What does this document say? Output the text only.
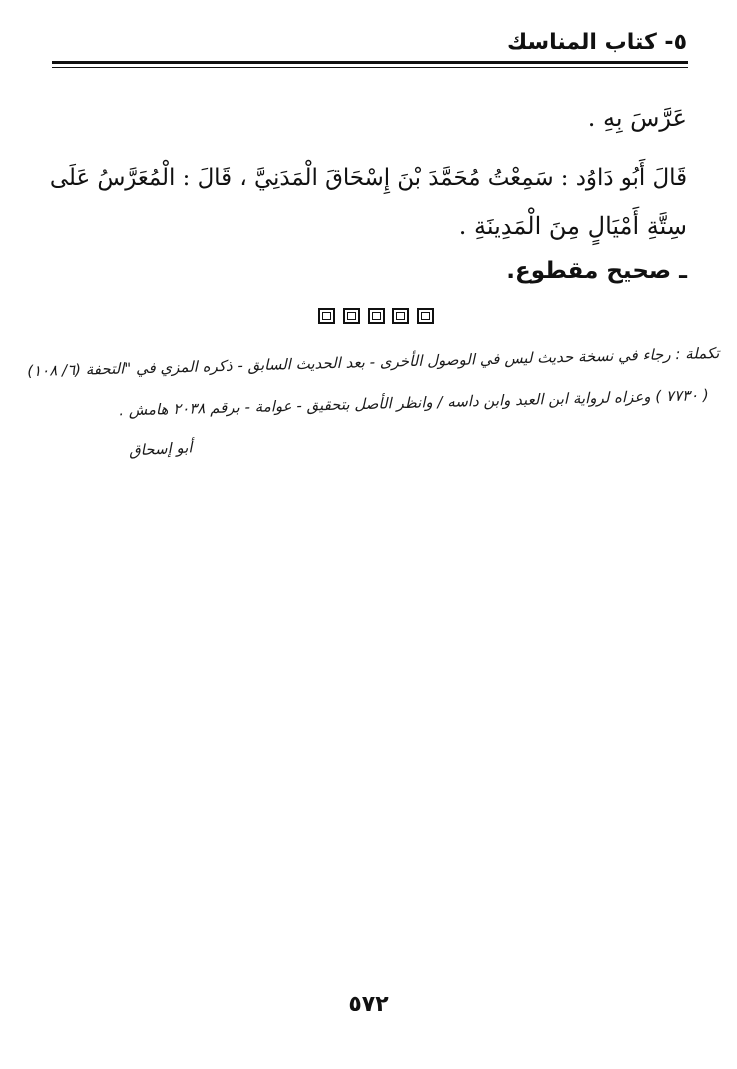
٥- كتاب المناسك
عَرَّسَ بِهِ .
قَالَ أَبُو دَاوُد : سَمِعْتُ مُحَمَّدَ بْنَ إِسْحَاقَ الْمَدَنِيَّ ، قَالَ : الْمُعَرَّسُ عَلَى
سِتَّةِ أَمْيَالٍ مِنَ الْمَدِينَةِ .
ـ صحيح مقطوع.
تكملة : رجاء في نسخة حديث ليس في الوصول الأخرى - بعد الحديث السابق - ذكره المزي في "التحفة (٦/ ١٠٨)
( ٧٧٣٠ ) وعزاه لرواية ابن العبد وابن داسه / وانظر الأصل بتحقيق - عوامة - برقم ٢٠٣٨ هامش .
أبو إسحاق
٥٧٢
